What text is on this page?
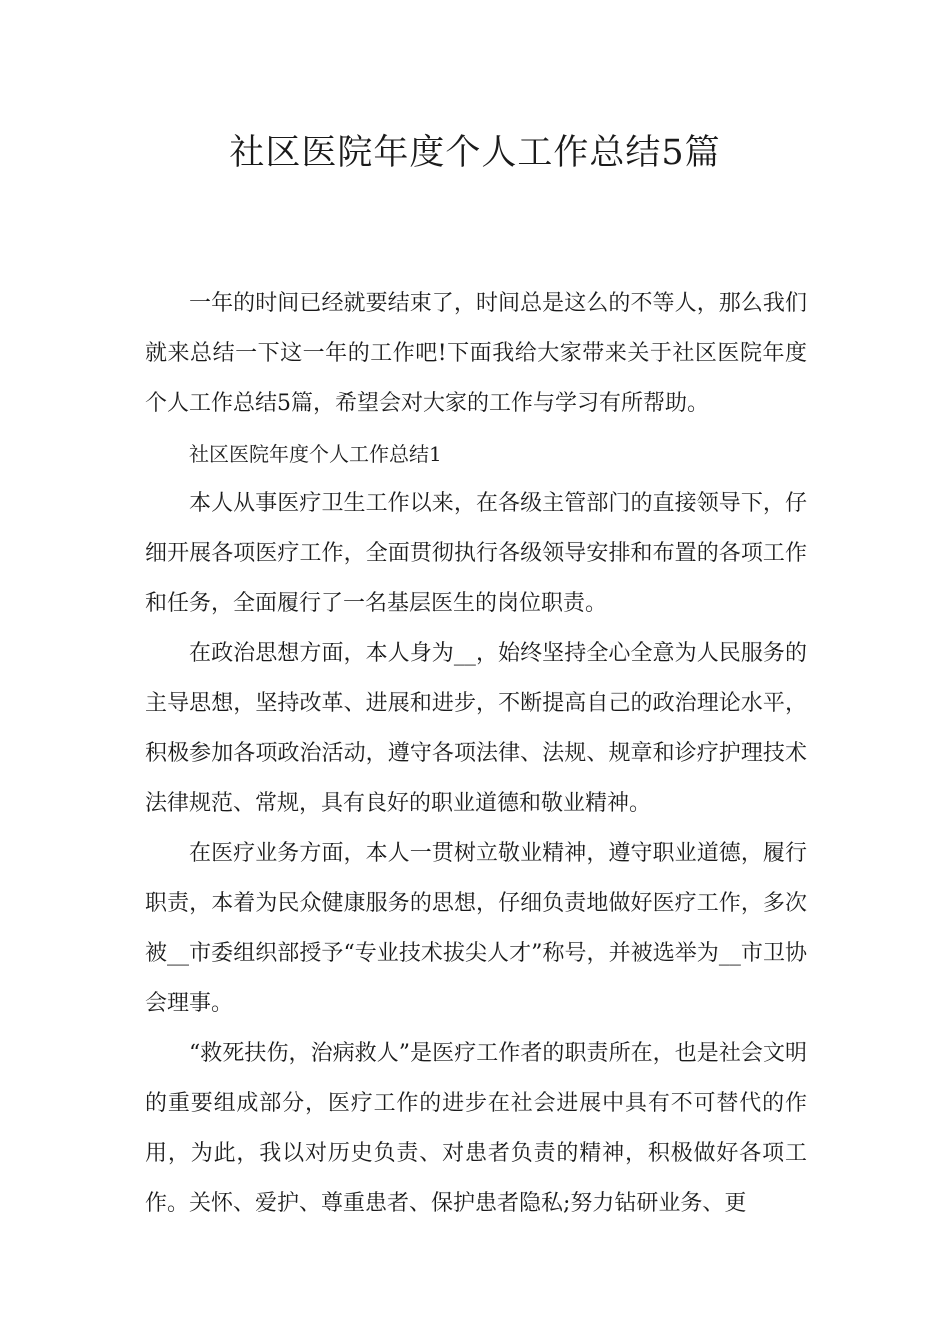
社区医院年度个人工作总结5篇

一年的时间已经就要结束了，时间总是这么的不等人，那么我们就来总结一下这一年的工作吧!下面我给大家带来关于社区医院年度个人工作总结5篇，希望会对大家的工作与学习有所帮助。

社区医院年度个人工作总结1

本人从事医疗卫生工作以来，在各级主管部门的直接领导下，仔细开展各项医疗工作，全面贯彻执行各级领导安排和布置的各项工作和任务，全面履行了一名基层医生的岗位职责。

在政治思想方面，本人身为__，始终坚持全心全意为人民服务的主导思想，坚持改革、进展和进步，不断提高自己的政治理论水平，积极参加各项政治活动，遵守各项法律、法规、规章和诊疗护理技术法律规范、常规，具有良好的职业道德和敬业精神。

在医疗业务方面，本人一贯树立敬业精神，遵守职业道德，履行职责，本着为民众健康服务的思想，仔细负责地做好医疗工作，多次被__市委组织部授予“专业技术拔尖人才”称号，并被选举为__市卫协会理事。

“救死扶伤，治病救人”是医疗工作者的职责所在，也是社会文明的重要组成部分，医疗工作的进步在社会进展中具有不可替代的作用，为此，我以对历史负责、对患者负责的精神，积极做好各项工作。关怀、爱护、尊重患者、保护患者隐私;努力钻研业务、更
